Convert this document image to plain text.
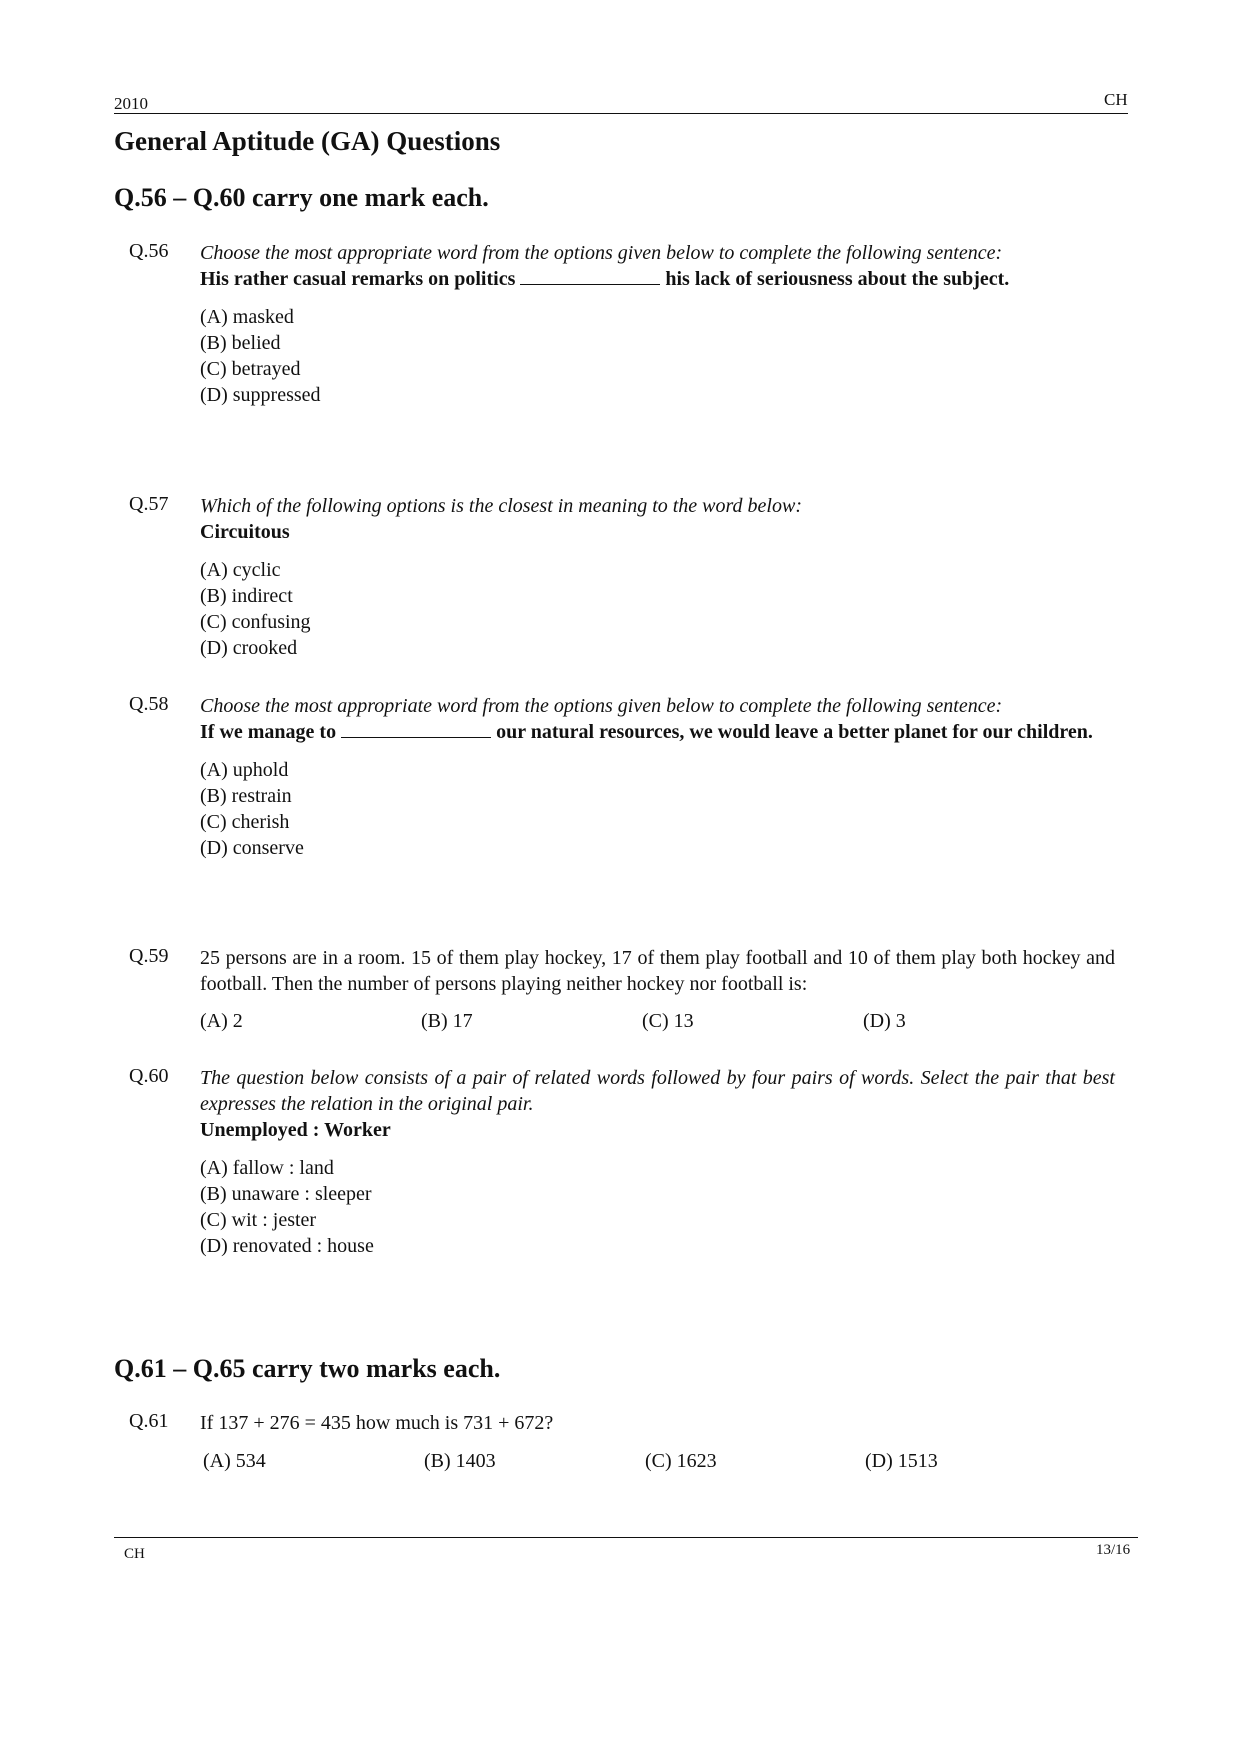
2010	CH
General Aptitude (GA) Questions
Q.56 – Q.60 carry one mark each.
Q.56 Choose the most appropriate word from the options given below to complete the following sentence:
His rather casual remarks on politics	his lack of seriousness about the subject.
(A) masked
(B) belied
(C) betrayed
(D) suppressed
Q.57 Which of the following options is the closest in meaning to the word below:
Circuitous
(A) cyclic
(B) indirect
(C) confusing
(D) crooked
Q.58 Choose the most appropriate word from the options given below to complete the following sentence:
If we manage to	our natural resources, we would leave a better planet for our children.
(A) uphold
(B) restrain
(C) cherish
(D) conserve
Q.59 25 persons are in a room. 15 of them play hockey, 17 of them play football and 10 of them play both hockey and football. Then the number of persons playing neither hockey nor football is:
(A) 2	(B) 17	(C) 13	(D) 3
Q.60 The question below consists of a pair of related words followed by four pairs of words. Select the pair that best expresses the relation in the original pair.
Unemployed : Worker
(A) fallow : land
(B) unaware : sleeper
(C) wit : jester
(D) renovated : house
Q.61 – Q.65 carry two marks each.
Q.61 If 137 + 276 = 435 how much is 731 + 672?
(A) 534	(B) 1403	(C) 1623	(D) 1513
CH	13/16
